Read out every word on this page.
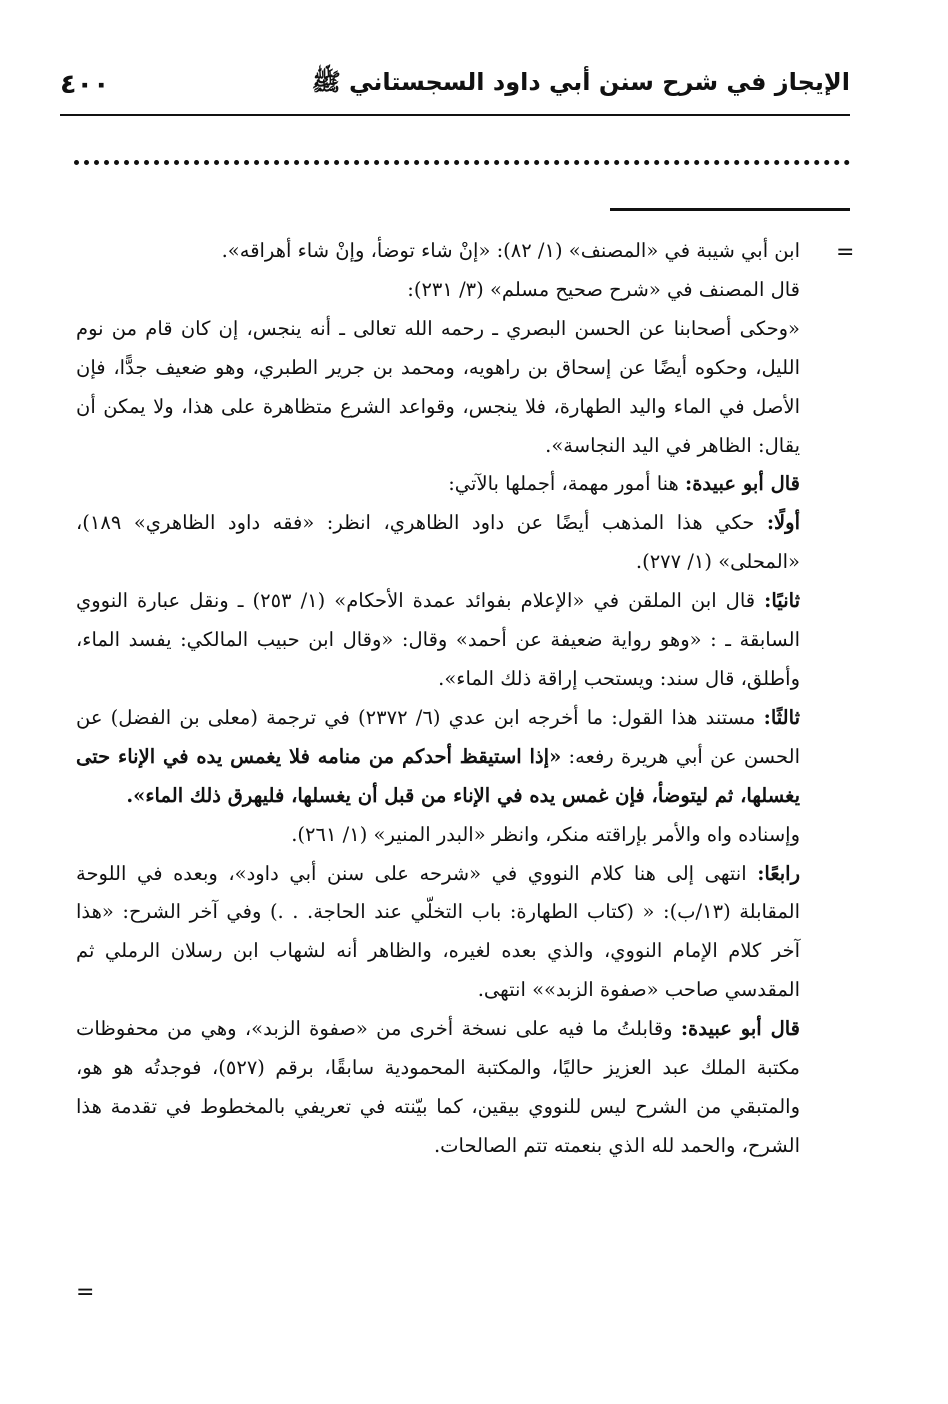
٤٠٠	الإيجاز في شرح سنن أبي داود السجستاني ﷺ
=

ابن أبي شيبة في «المصنف» (١/ ٨٢): «إنْ شاء توضأ، وإنْ شاء أهراقه».

قال المصنف في «شرح صحيح مسلم» (٣/ ٢٣١):

«وحكى أصحابنا عن الحسن البصري ـ رحمه الله تعالى ـ أنه ينجس، إن كان قام من نوم الليل، وحكوه أيضًا عن إسحاق بن راهويه، ومحمد بن جرير الطبري، وهو ضعيف جدًّا، فإن الأصل في الماء واليد الطهارة، فلا ينجس، وقواعد الشرع متظاهرة على هذا، ولا يمكن أن يقال: الظاهر في اليد النجاسة».

قال أبو عبيدة: هنا أمور مهمة، أجملها بالآتي:

أولًا: حكي هذا المذهب أيضًا عن داود الظاهري، انظر: «فقه داود الظاهري» ١٨٩)، «المحلى» (١/ ٢٧٧).

ثانيًا: قال ابن الملقن في «الإعلام بفوائد عمدة الأحكام» (١/ ٢٥٣) ـ ونقل عبارة النووي السابقة ـ : «وهو رواية ضعيفة عن أحمد» وقال: «وقال ابن حبيب المالكي: يفسد الماء، وأطلق، قال سند: ويستحب إراقة ذلك الماء».

ثالثًا: مستند هذا القول: ما أخرجه ابن عدي (٦/ ٢٣٧٢) في ترجمة (معلى بن الفضل) عن الحسن عن أبي هريرة رفعه: «إذا استيقظ أحدكم من منامه فلا يغمس يده في الإناء حتى يغسلها، ثم ليتوضأ، فإن غمس يده في الإناء من قبل أن يغسلها، فليهرق ذلك الماء».

وإسناده واه والأمر بإراقته منكر، وانظر «البدر المنير» (١/ ٢٦١).

رابعًا: انتهى إلى هنا كلام النووي في «شرحه على سنن أبي داود»، وبعده في اللوحة المقابلة (١٣/ب): « (كتاب الطهارة: باب التخلّي عند الحاجة. . .) وفي آخر الشرح: «هذا آخر كلام الإمام النووي، والذي بعده لغيره، والظاهر أنه لشهاب ابن رسلان الرملي ثم المقدسي صاحب «صفوة الزبد»» انتهى.

قال أبو عبيدة: وقابلتُ ما فيه على نسخة أخرى من «صفوة الزبد»، وهي من محفوظات مكتبة الملك عبد العزيز حاليًا، والمكتبة المحمودية سابقًا، برقم (٥٢٧)، فوجدتُه هو هو، والمتبقي من الشرح ليس للنووي بيقين، كما بيّنته في تعريفي بالمخطوط في تقدمة هذا الشرح، والحمد لله الذي بنعمته تتم الصالحات.

=
